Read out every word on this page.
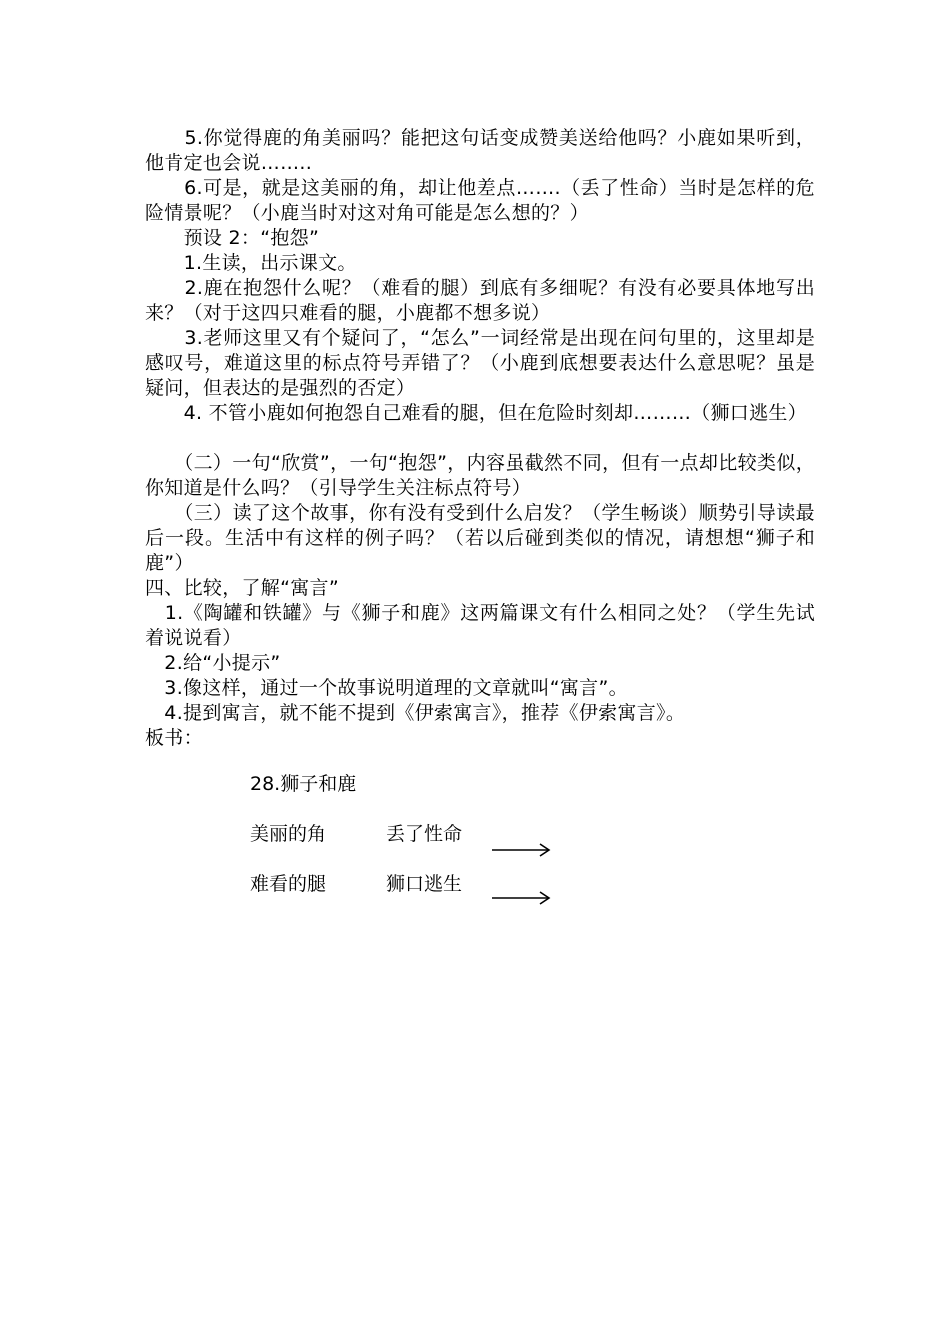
　　5.你觉得鹿的角美丽吗？能把这句话变成赞美送给他吗？小鹿如果听到，他肯定也会说……..
　　6.可是，就是这美丽的角，却让他差点…….（丢了性命）当时是怎样的危险情景呢？（小鹿当时对这对角可能是怎么想的？）
　　预设 2：“抱怨”
　　1.生读，出示课文。
　　2.鹿在抱怨什么呢？（难看的腿）到底有多细呢？有没有必要具体地写出来？（对于这四只难看的腿，小鹿都不想多说）
　　3.老师这里又有个疑问了，“怎么”一词经常是出现在问句里的，这里却是感叹号，难道这里的标点符号弄错了？（小鹿到底想要表达什么意思呢？虽是疑问，但表达的是强烈的否定）
　　4. 不管小鹿如何抱怨自己难看的腿，但在危险时刻却………（狮口逃生）
　　（二）一句“欣赏”，一句“抱怨”，内容虽截然不同，但有一点却比较类似，你知道是什么吗？（引导学生关注标点符号）
　　（三）读了这个故事，你有没有受到什么启发？（学生畅谈）顺势引导读最后一段。生活中有这样的例子吗？（若以后碰到类似的情况，请想想“狮子和鹿”）
四、比较，了解“寓言”
　1.《陶罐和铁罐》与《狮子和鹿》这两篇课文有什么相同之处？（学生先试着说说看）
　2.给“小提示”
　3.像这样，通过一个故事说明道理的文章就叫“寓言”。
　4.提到寓言，就不能不提到《伊索寓言》，推荐《伊索寓言》。
板书：
28.狮子和鹿
美丽的角	丢了性命
难看的腿	狮口逃生
